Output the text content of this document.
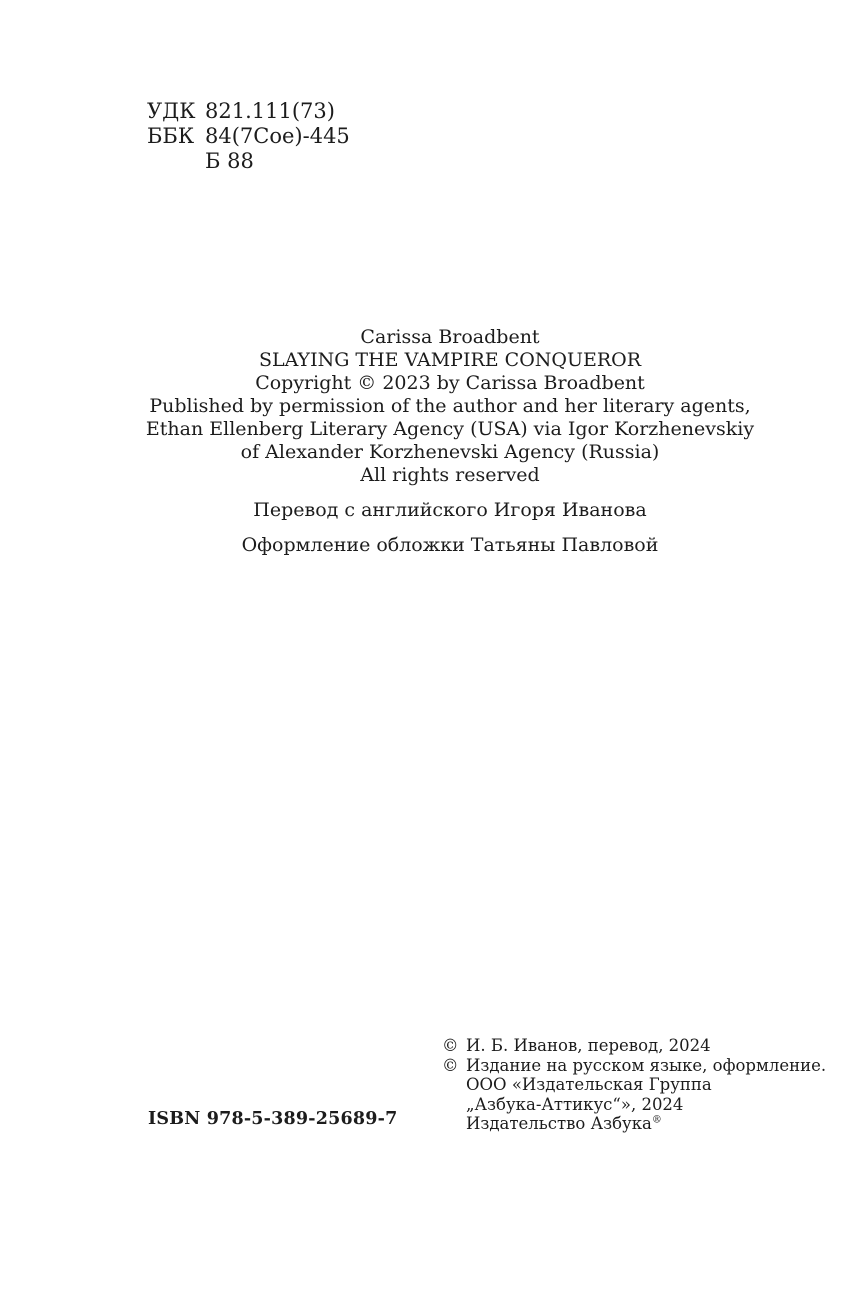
УДК 821.111(73)
ББК 84(7Сое)-445
Б 88
Carissa Broadbent
SLAYING THE VAMPIRE CONQUEROR
Copyright © 2023 by Carissa Broadbent
Published by permission of the author and her literary agents,
Ethan Ellenberg Literary Agency (USA) via Igor Korzhenevskiy
of Alexander Korzhenevski Agency (Russia)
All rights reserved
Перевод с английского Игоря Иванова
Оформление обложки Татьяны Павловой
© И. Б. Иванов, перевод, 2024
© Издание на русском языке, оформление.
ООО «Издательская Группа
„Азбука-Аттикус“», 2024
Издательство Азбука®
ISBN 978-5-389-25689-7
